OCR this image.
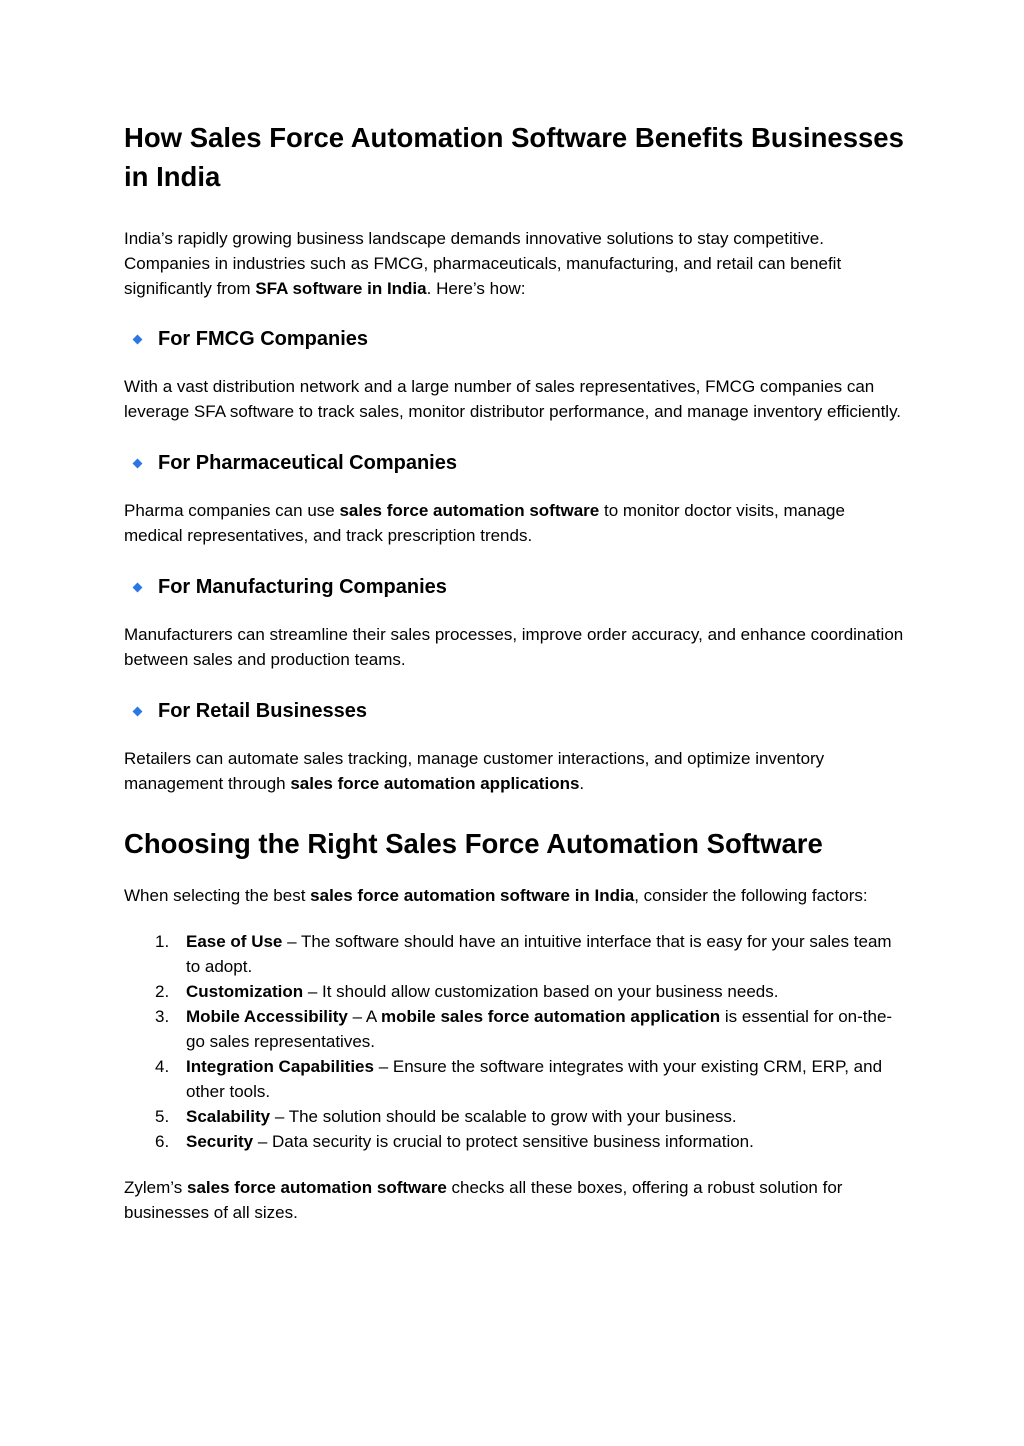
How Sales Force Automation Software Benefits Businesses in India

India’s rapidly growing business landscape demands innovative solutions to stay competitive. Companies in industries such as FMCG, pharmaceuticals, manufacturing, and retail can benefit significantly from SFA software in India. Here’s how:

For FMCG Companies

With a vast distribution network and a large number of sales representatives, FMCG companies can leverage SFA software to track sales, monitor distributor performance, and manage inventory efficiently.

For Pharmaceutical Companies

Pharma companies can use sales force automation software to monitor doctor visits, manage medical representatives, and track prescription trends.

For Manufacturing Companies

Manufacturers can streamline their sales processes, improve order accuracy, and enhance coordination between sales and production teams.

For Retail Businesses

Retailers can automate sales tracking, manage customer interactions, and optimize inventory management through sales force automation applications.

Choosing the Right Sales Force Automation Software

When selecting the best sales force automation software in India, consider the following factors:

1. Ease of Use – The software should have an intuitive interface that is easy for your sales team to adopt.
2. Customization – It should allow customization based on your business needs.
3. Mobile Accessibility – A mobile sales force automation application is essential for on-the-go sales representatives.
4. Integration Capabilities – Ensure the software integrates with your existing CRM, ERP, and other tools.
5. Scalability – The solution should be scalable to grow with your business.
6. Security – Data security is crucial to protect sensitive business information.

Zylem’s sales force automation software checks all these boxes, offering a robust solution for businesses of all sizes.
